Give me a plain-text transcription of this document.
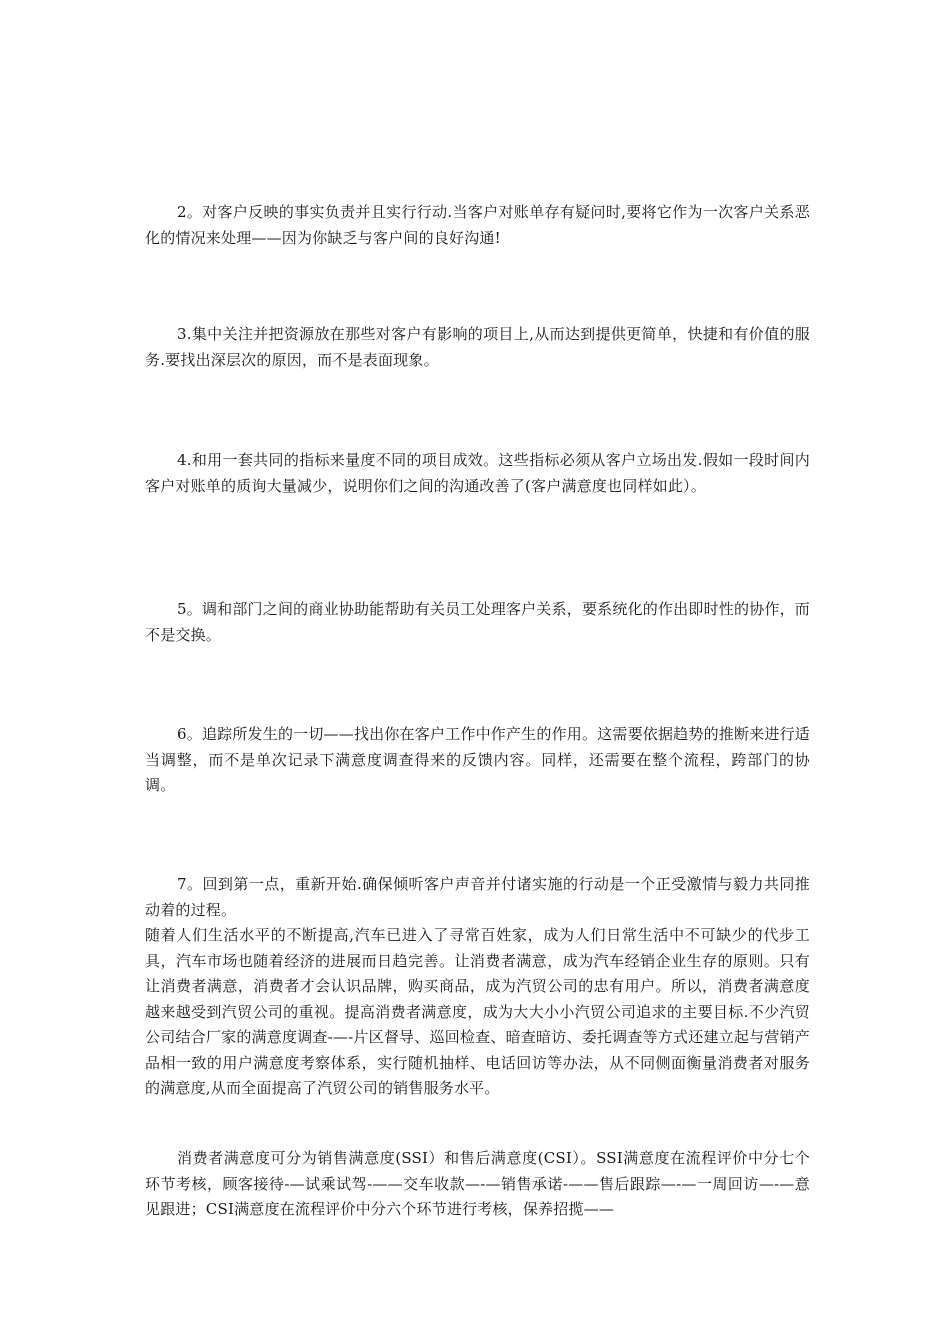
2。对客户反映的事实负责并且实行行动.当客户对账单存有疑问时,要将它作为一次客户关系恶化的情况来处理——因为你缺乏与客户间的良好沟通!

3.集中关注并把资源放在那些对客户有影响的项目上,从而达到提供更简单，快捷和有价值的服务.要找出深层次的原因，而不是表面现象。

4.和用一套共同的指标来量度不同的项目成效。这些指标必须从客户立场出发.假如一段时间内客户对账单的质询大量减少，说明你们之间的沟通改善了(客户满意度也同样如此）。

5。调和部门之间的商业协助能帮助有关员工处理客户关系，要系统化的作出即时性的协作，而不是交换。

6。追踪所发生的一切——找出你在客户工作中作产生的作用。这需要依据趋势的推断来进行适当调整，而不是单次记录下满意度调查得来的反馈内容。同样，还需要在整个流程，跨部门的协调。

7。回到第一点，重新开始.确保倾听客户声音并付诸实施的行动是一个正受激情与毅力共同推动着的过程。

随着人们生活水平的不断提高,汽车已进入了寻常百姓家，成为人们日常生活中不可缺少的代步工具，汽车市场也随着经济的进展而日趋完善。让消费者满意，成为汽车经销企业生存的原则。只有让消费者满意，消费者才会认识品牌，购买商品，成为汽贸公司的忠有用户。所以，消费者满意度越来越受到汽贸公司的重视。提高消费者满意度，成为大大小小汽贸公司追求的主要目标.不少汽贸公司结合厂家的满意度调查-—-片区督导、巡回检查、暗查暗访、委托调查等方式还建立起与营销产品相一致的用户满意度考察体系，实行随机抽样、电话回访等办法，从不同侧面衡量消费者对服务的满意度,从而全面提高了汽贸公司的销售服务水平。

消费者满意度可分为销售满意度(SSI）和售后满意度(CSI）。SSI满意度在流程评价中分七个环节考核，顾客接待-—试乘试驾-——交车收款—-—销售承诺-——售后跟踪—-—一周回访—-—意见跟进；CSI满意度在流程评价中分六个环节进行考核，保养招揽——
